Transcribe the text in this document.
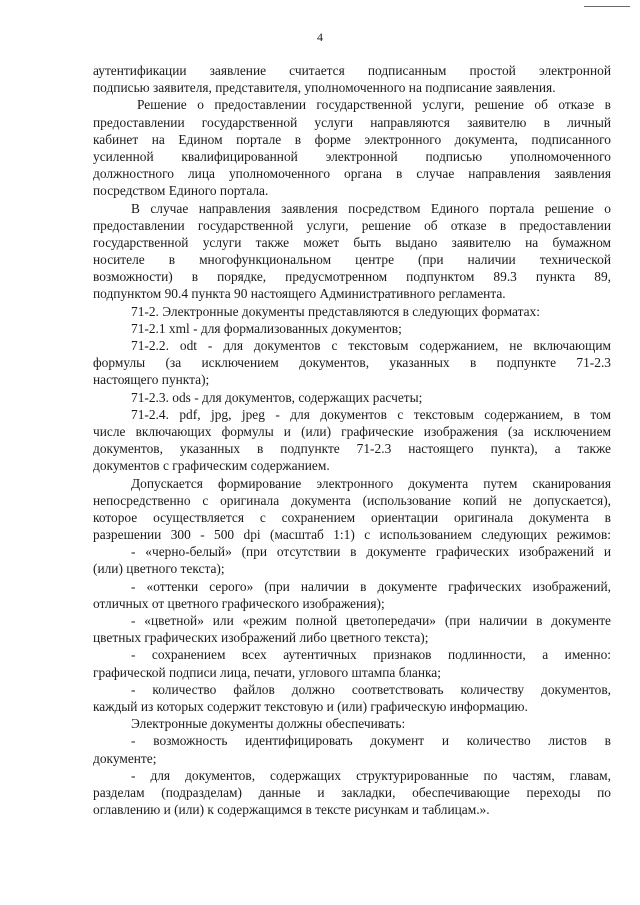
4
аутентификации заявление считается подписанным простой электронной
подписью заявителя, представителя, уполномоченного на подписание заявления.
Решение о предоставлении государственной услуги, решение об отказе в
предоставлении государственной услуги направляются заявителю в личный
кабинет на Едином портале в форме электронного документа, подписанного
усиленной квалифицированной электронной подписью уполномоченного
должностного лица уполномоченного органа в случае направления заявления
посредством Единого портала.
В случае направления заявления посредством Единого портала решение о
предоставлении государственной услуги, решение об отказе в предоставлении
государственной услуги также может быть выдано заявителю на бумажном
носителе в многофункциональном центре (при наличии технической
возможности) в порядке, предусмотренном подпунктом 89.3 пункта 89,
подпунктом 90.4 пункта 90 настоящего Административного регламента.
71-2. Электронные документы представляются в следующих форматах:
71-2.1 xml - для формализованных документов;
71-2.2. odt - для документов с текстовым содержанием, не включающим
формулы (за исключением документов, указанных в подпункте 71-2.3
настоящего пункта);
71-2.3. ods - для документов, содержащих расчеты;
71-2.4. pdf, jpg, jpeg - для документов с текстовым содержанием, в том
числе включающих формулы и (или) графические изображения (за исключением
документов, указанных в подпункте 71-2.3 настоящего пункта), а также
документов с графическим содержанием.
Допускается формирование электронного документа путем сканирования
непосредственно с оригинала документа (использование копий не допускается),
которое осуществляется с сохранением ориентации оригинала документа в
разрешении 300 - 500 dpi (масштаб 1:1) с использованием следующих режимов:
- «черно-белый» (при отсутствии в документе графических изображений и
(или) цветного текста);
- «оттенки серого» (при наличии в документе графических изображений,
отличных от цветного графического изображения);
- «цветной» или «режим полной цветопередачи» (при наличии в документе
цветных графических изображений либо цветного текста);
- сохранением всех аутентичных признаков подлинности, а именно:
графической подписи лица, печати, углового штампа бланка;
- количество файлов должно соответствовать количеству документов,
каждый из которых содержит текстовую и (или) графическую информацию.
Электронные документы должны обеспечивать:
- возможность идентифицировать документ и количество листов в
документе;
- для документов, содержащих структурированные по частям, главам,
разделам (подразделам) данные и закладки, обеспечивающие переходы по
оглавлению и (или) к содержащимся в тексте рисункам и таблицам.».
